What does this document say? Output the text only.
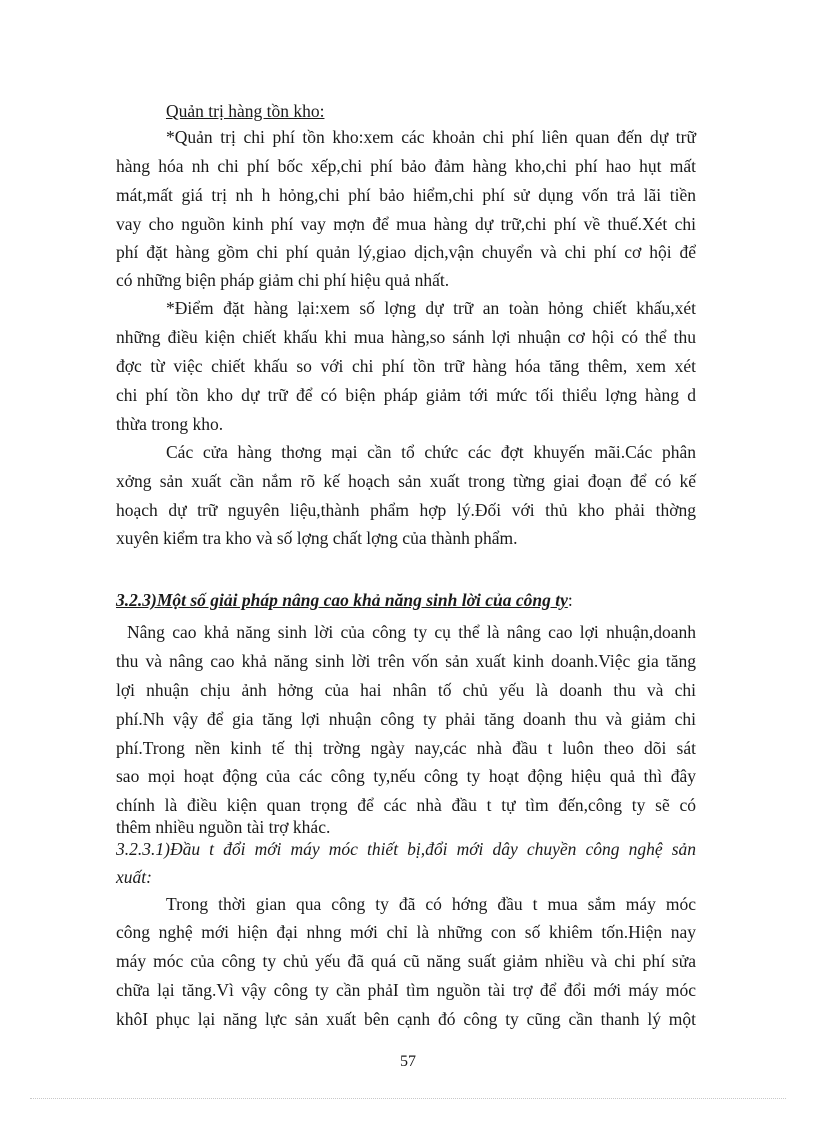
Quản trị hàng tồn kho:
*Quản trị chi phí tồn kho:xem các khoản chi phí liên quan đến dự trữ
hàng hóa nh chi phí bốc xếp,chi phí bảo đảm hàng kho,chi phí hao hụt mất
mát,mất giá trị nh h hỏng,chi phí bảo hiểm,chi phí sử dụng vốn trả lãi tiền
vay cho nguồn kinh phí vay mợn để mua hàng dự trữ,chi phí về thuế.Xét chi
phí đặt hàng gồm chi phí quản lý,giao dịch,vận chuyển và chi phí cơ hội để
có những biện pháp giảm chi phí hiệu quả nhất.
*Điểm đặt hàng lại:xem số lợng dự trữ an toàn hỏng chiết khấu,xét
những điều kiện chiết khấu khi mua hàng,so sánh lợi nhuận cơ hội có thể thu
đợc từ việc chiết khấu so với chi phí tồn trữ hàng hóa tăng thêm, xem xét
chi phí tồn kho dự trữ để có biện pháp giảm tới mức tối thiểu lợng hàng d
thừa trong kho.
Các cửa hàng thơng mại cần tổ chức các đợt khuyến mãi.Các phân
xởng sản xuất cần nắm rõ kế hoạch sản xuất trong từng giai đoạn để có kế
hoạch dự trữ nguyên liệu,thành phẩm hợp lý.Đối với thủ kho phải thờng
xuyên kiểm tra kho và số lợng chất lợng của thành phẩm.
3.2.3)Một số giải pháp nâng cao khả năng sinh lời của công ty:
Nâng cao khả năng sinh lời của công ty cụ thể là nâng cao lợi nhuận,doanh
thu và nâng cao khả năng sinh lời trên vốn sản xuất kinh doanh.Việc gia tăng
lợi nhuận chịu ảnh hởng của hai nhân tố chủ yếu là doanh thu và chi
phí.Nh vậy để gia tăng lợi nhuận công ty phải tăng doanh thu và giảm chi
phí.Trong nền kinh tế thị trờng ngày nay,các nhà đầu t luôn theo dõi sát
sao mọi hoạt động của các công ty,nếu công ty hoạt động hiệu quả thì đây
chính là điều kiện quan trọng để các nhà đầu t tự tìm đến,công ty sẽ có
thêm nhiều nguồn tài trợ khác.
3.2.3.1)Đầu t đổi mới máy móc thiết bị,đổi mới dây chuyền công nghệ sản
xuất:
Trong thời gian qua công ty đã có hớng đầu t mua sắm máy móc
công nghệ mới hiện đại nhng mới chỉ là những con số khiêm tốn.Hiện nay
máy móc của công ty chủ yếu đã quá cũ năng suất giảm nhiều và chi phí sửa
chữa lại tăng.Vì vậy công ty cần phảI tìm nguồn tài trợ để đổi mới máy móc
khôI phục lại năng lực sản xuất bên cạnh đó công ty cũng cần thanh lý một
57
